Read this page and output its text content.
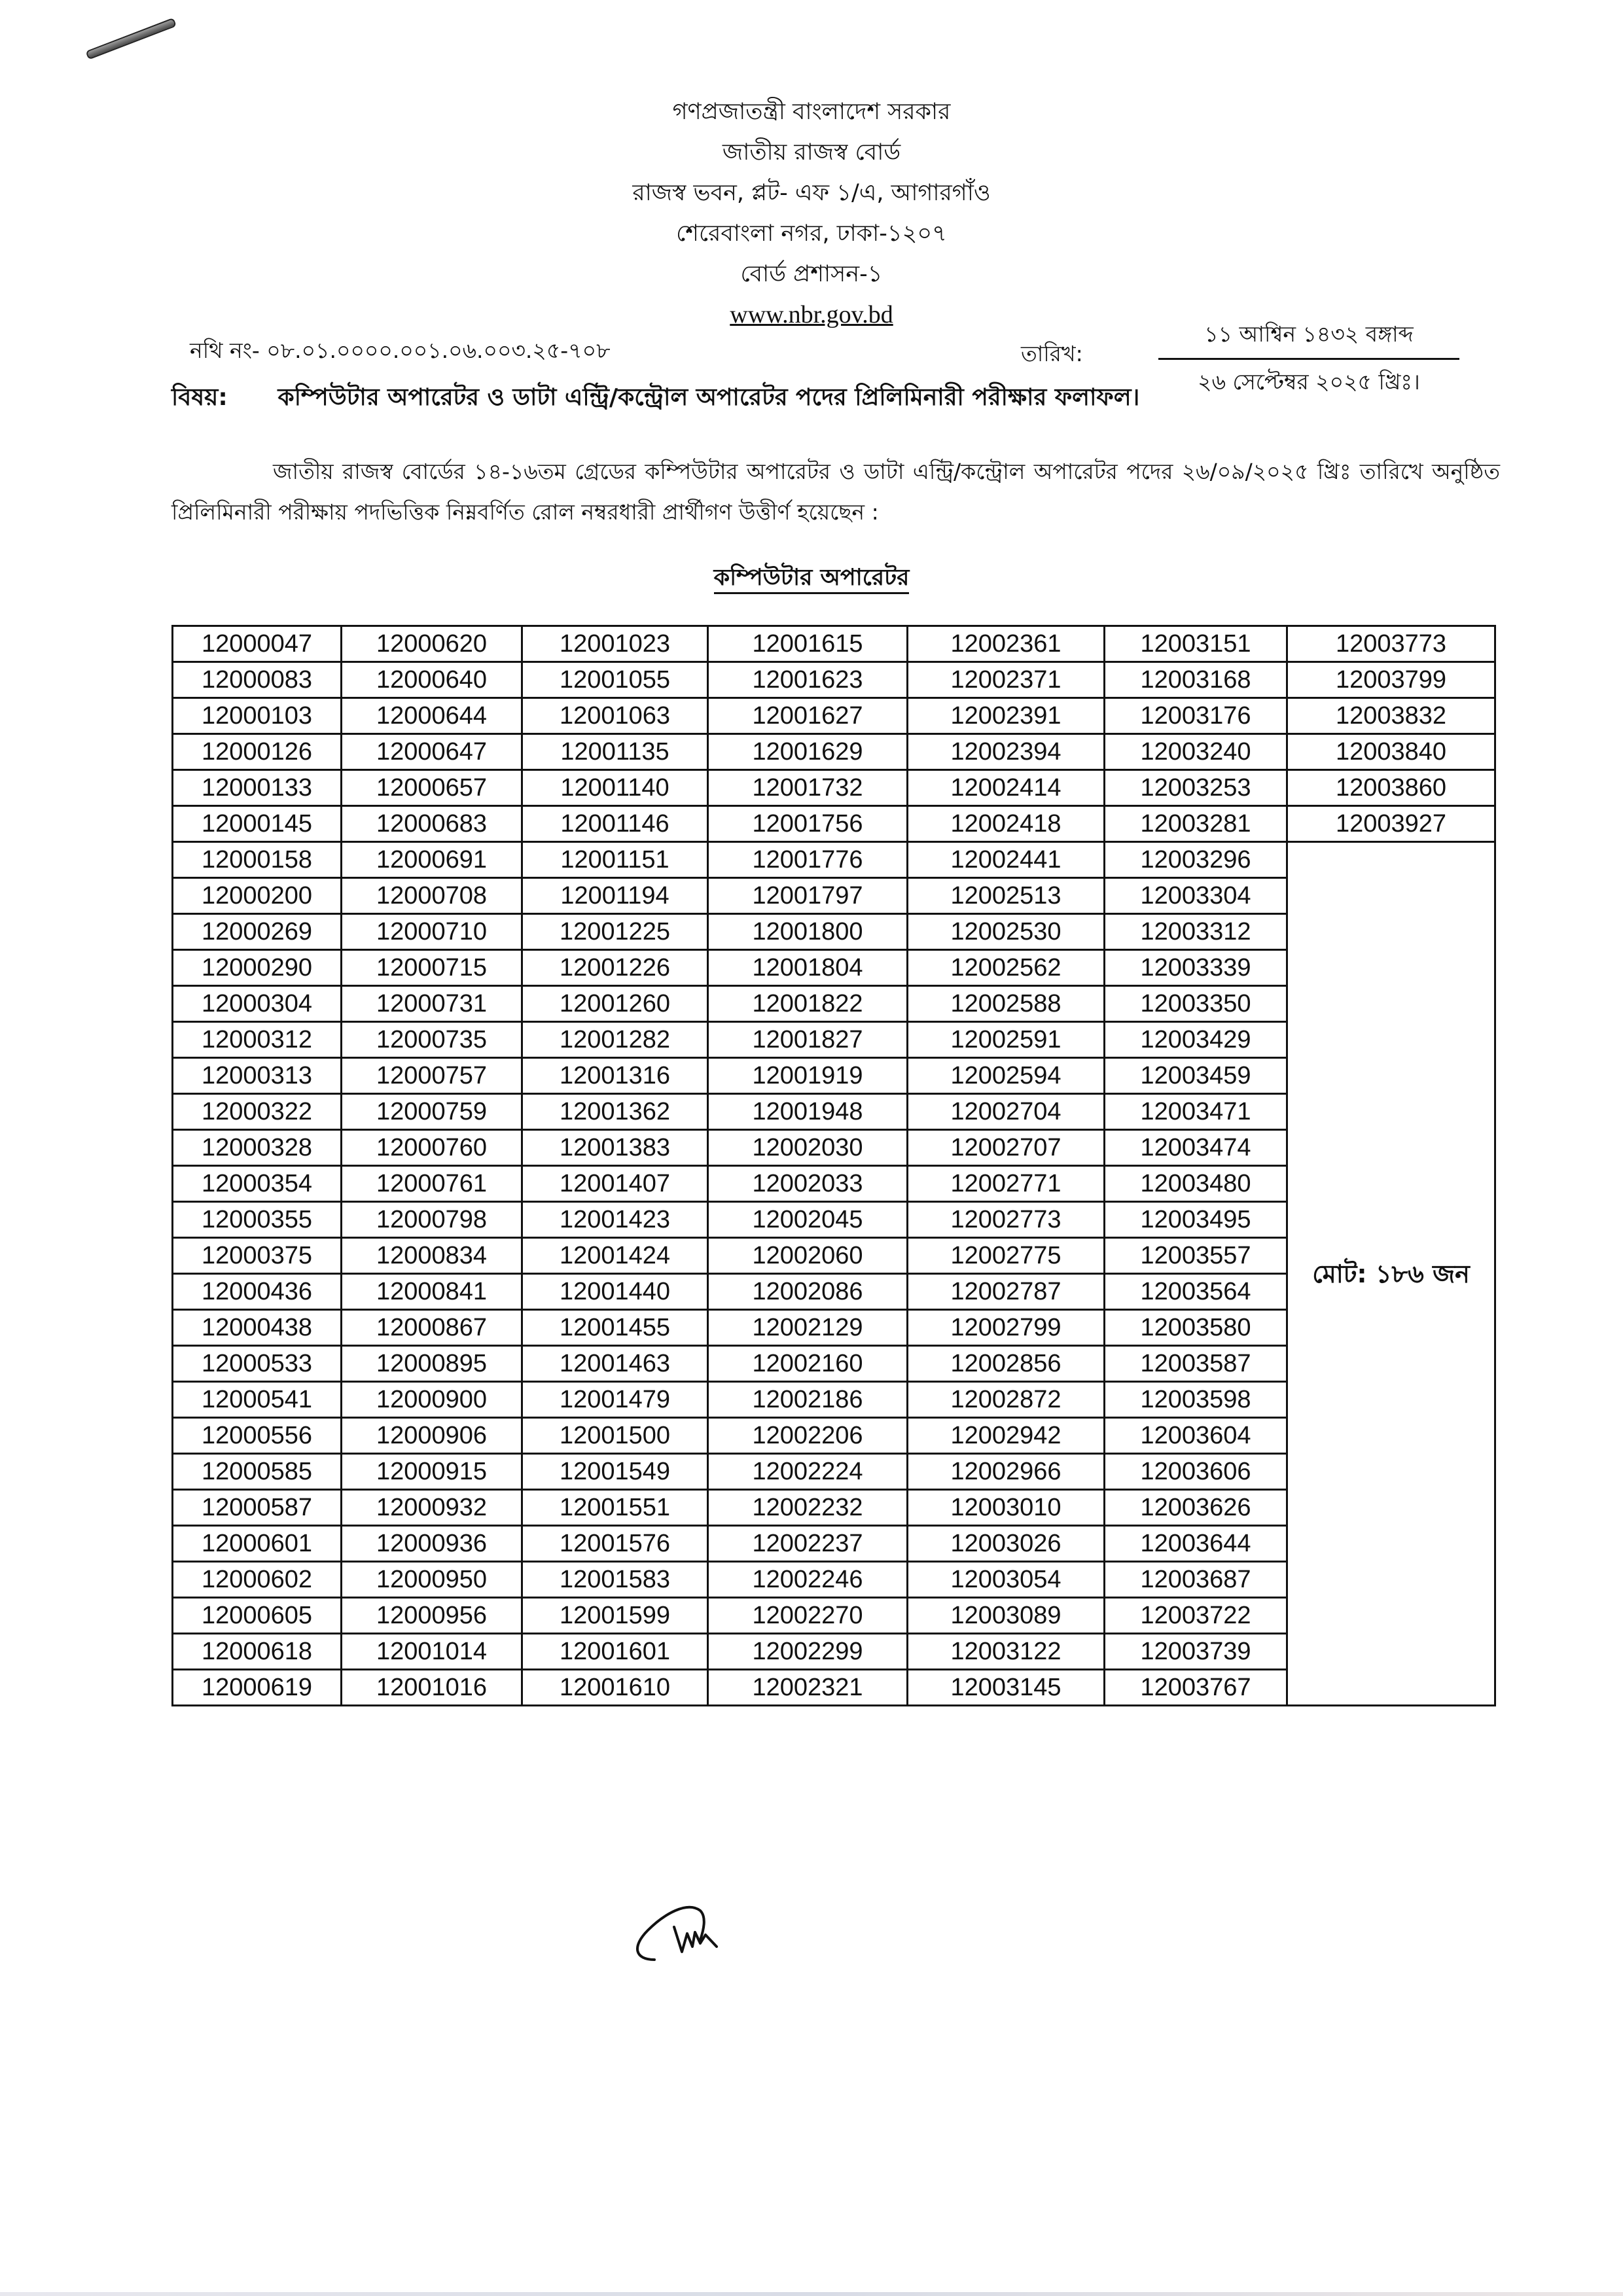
গণপ্রজাতন্ত্রী বাংলাদেশ সরকার
জাতীয় রাজস্ব বোর্ড
রাজস্ব ভবন, প্লট- এফ ১/এ, আগারগাঁও
শেরেবাংলা নগর, ঢাকা-১২০৭
বোর্ড প্রশাসন-১
www.nbr.gov.bd
নথি নং- ০৮.০১.০০০০.০০১.০৬.০০৩.২৫-৭০৮	তারিখ:
১১ আশ্বিন ১৪৩২ বঙ্গাব্দ
২৬ সেপ্টেম্বর ২০২৫ খ্রিঃ।
বিষয়: কম্পিউটার অপারেটর ও ডাটা এন্ট্রি/কন্ট্রোল অপারেটর পদের প্রিলিমিনারী পরীক্ষার ফলাফল।
জাতীয় রাজস্ব বোর্ডের ১৪-১৬তম গ্রেডের কম্পিউটার অপারেটর ও ডাটা এন্ট্রি/কন্ট্রোল অপারেটর পদের ২৬/০৯/২০২৫ খ্রিঃ তারিখে অনুষ্ঠিত প্রিলিমিনারী পরীক্ষায় পদভিত্তিক নিম্নবর্ণিত রোল নম্বরধারী প্রার্থীগণ উত্তীর্ণ হয়েছেন :
কম্পিউটার অপারেটর
12000047	12000620	12001023	12001615	12002361	12003151	12003773
12000083	12000640	12001055	12001623	12002371	12003168	12003799
12000103	12000644	12001063	12001627	12002391	12003176	12003832
12000126	12000647	12001135	12001629	12002394	12003240	12003840
12000133	12000657	12001140	12001732	12002414	12003253	12003860
12000145	12000683	12001146	12001756	12002418	12003281	12003927
12000158	12000691	12001151	12001776	12002441	12003296	মোট: ১৮৬ জন
12000200	12000708	12001194	12001797	12002513	12003304	
12000269	12000710	12001225	12001800	12002530	12003312	
12000290	12000715	12001226	12001804	12002562	12003339	
12000304	12000731	12001260	12001822	12002588	12003350	
12000312	12000735	12001282	12001827	12002591	12003429	
12000313	12000757	12001316	12001919	12002594	12003459	
12000322	12000759	12001362	12001948	12002704	12003471	
12000328	12000760	12001383	12002030	12002707	12003474	
12000354	12000761	12001407	12002033	12002771	12003480	
12000355	12000798	12001423	12002045	12002773	12003495	
12000375	12000834	12001424	12002060	12002775	12003557	
12000436	12000841	12001440	12002086	12002787	12003564	
12000438	12000867	12001455	12002129	12002799	12003580	
12000533	12000895	12001463	12002160	12002856	12003587	
12000541	12000900	12001479	12002186	12002872	12003598	
12000556	12000906	12001500	12002206	12002942	12003604	
12000585	12000915	12001549	12002224	12002966	12003606	
12000587	12000932	12001551	12002232	12003010	12003626	
12000601	12000936	12001576	12002237	12003026	12003644	
12000602	12000950	12001583	12002246	12003054	12003687	
12000605	12000956	12001599	12002270	12003089	12003722	
12000618	12001014	12001601	12002299	12003122	12003739	
12000619	12001016	12001610	12002321	12003145	12003767	
